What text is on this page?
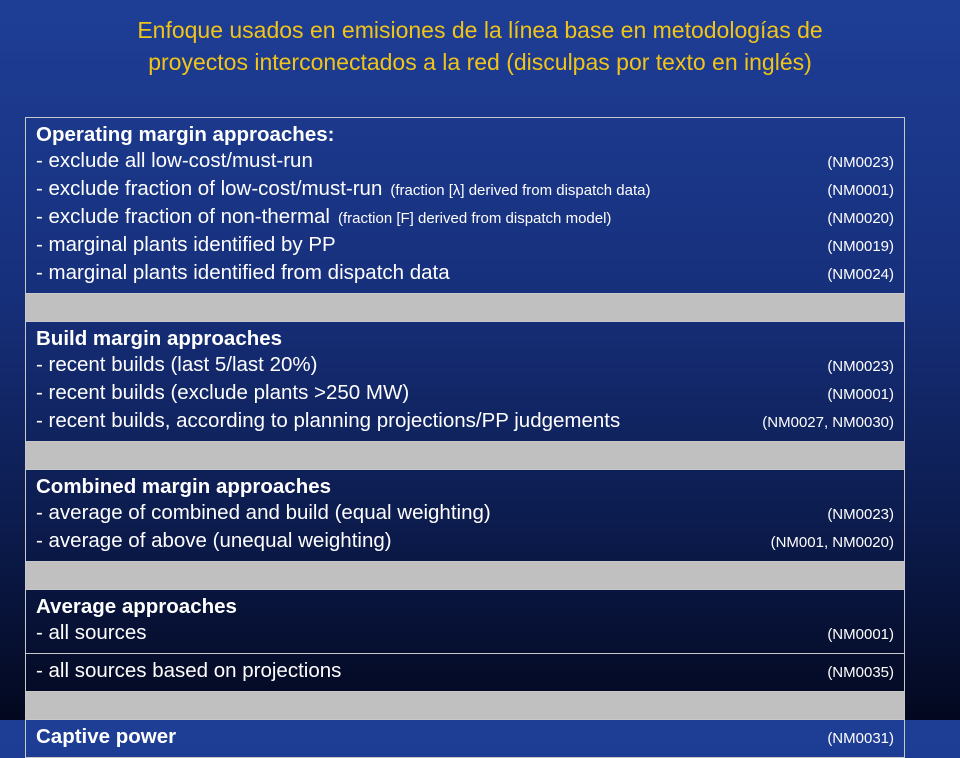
Enfoque usados en emisiones de la línea base en metodologías de
proyectos interconectados a la red (disculpas por texto en inglés)
Operating margin approaches:
- exclude all low-cost/must-run	(NM0023)
- exclude fraction of low-cost/must-run (fraction [λ] derived from dispatch data)	(NM0001)
- exclude fraction of non-thermal (fraction [F] derived from dispatch model)	(NM0020)
- marginal plants identified by PP	(NM0019)
- marginal plants identified from dispatch data	(NM0024)
Build margin approaches
- recent builds (last 5/last 20%)	(NM0023)
- recent builds (exclude plants >250 MW)	(NM0001)
- recent builds, according to planning projections/PP judgements	(NM0027, NM0030)
Combined margin approaches
- average of combined and build (equal weighting)	(NM0023)
- average of above (unequal weighting)	(NM001, NM0020)
Average approaches
- all sources	(NM0001)
- all sources based on projections	(NM0035)
Captive power	(NM0031)
